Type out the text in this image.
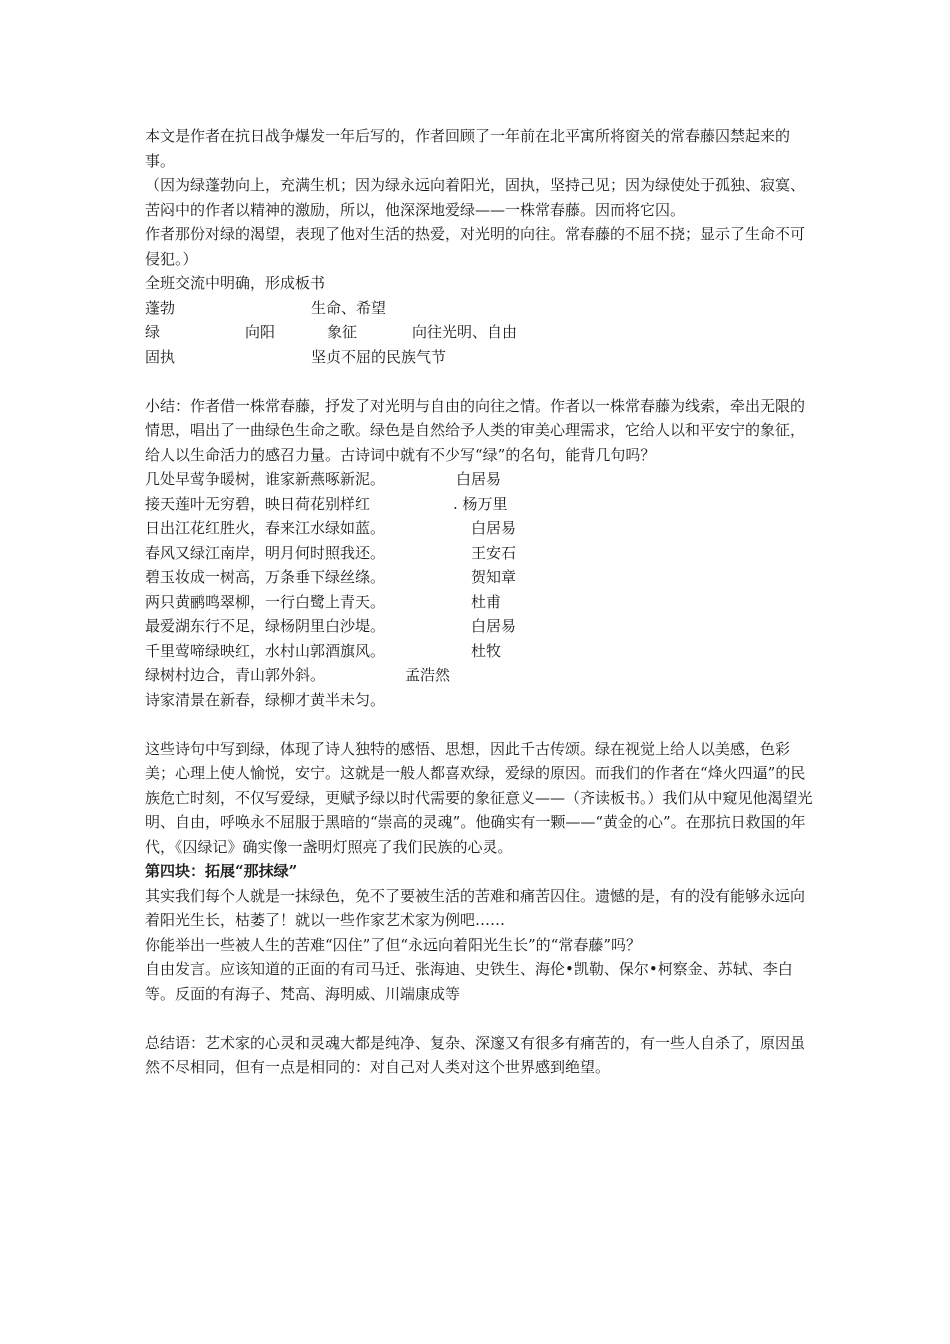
本文是作者在抗日战争爆发一年后写的，作者回顾了一年前在北平寓所将窗关的常春藤囚禁起来的事。

（因为绿蓬勃向上，充满生机；因为绿永远向着阳光，固执，坚持己见；因为绿使处于孤独、寂寞、苦闷中的作者以精神的激励，所以，他深深地爱绿——一株常春藤。因而将它囚。

作者那份对绿的渴望，表现了他对生活的热爱，对光明的向往。常春藤的不屈不挠；显示了生命不可侵犯。）

全班交流中明确，形成板书

蓬勃	生命、希望
绿	向阳	象征	向往光明、自由
固执	坚贞不屈的民族气节

小结：作者借一株常春藤，抒发了对光明与自由的向往之情。作者以一株常春藤为线索，牵出无限的情思，唱出了一曲绿色生命之歌。绿色是自然给予人类的审美心理需求，它给人以和平安宁的象征，给人以生命活力的感召力量。古诗词中就有不少写“绿”的名句，能背几句吗？

几处早莺争暖树，谁家新燕啄新泥。	白居易
接天莲叶无穷碧，映日荷花别样红	. 杨万里
日出江花红胜火，春来江水绿如蓝。	白居易
春风又绿江南岸，明月何时照我还。	王安石
碧玉妆成一树高，万条垂下绿丝绦。	贺知章
两只黄鹂鸣翠柳，一行白鹭上青天。	杜甫
最爱湖东行不足，绿杨阴里白沙堤。	白居易
千里莺啼绿映红，水村山郭酒旗风。	杜牧
绿树村边合，青山郭外斜。	孟浩然
诗家清景在新春，绿柳才黄半未匀。

这些诗句中写到绿，体现了诗人独特的感悟、思想，因此千古传颂。绿在视觉上给人以美感，色彩美；心理上使人愉悦，安宁。这就是一般人都喜欢绿，爱绿的原因。而我们的作者在“烽火四逼”的民族危亡时刻，不仅写爱绿，更赋予绿以时代需要的象征意义——（齐读板书。）我们从中窥见他渴望光明、自由，呼唤永不屈服于黑暗的“崇高的灵魂”。他确实有一颗——“黄金的心”。在那抗日救国的年代，《囚绿记》确实像一盏明灯照亮了我们民族的心灵。

第四块：拓展“那抹绿”

其实我们每个人就是一抹绿色，免不了要被生活的苦难和痛苦囚住。遗憾的是，有的没有能够永远向着阳光生长，枯萎了！就以一些作家艺术家为例吧……

你能举出一些被人生的苦难“囚住”了但“永远向着阳光生长”的“常春藤”吗？

自由发言。应该知道的正面的有司马迁、张海迪、史铁生、海伦•凯勒、保尔•柯察金、苏轼、李白等。反面的有海子、梵高、海明威、川端康成等

总结语：艺术家的心灵和灵魂大都是纯净、复杂、深邃又有很多有痛苦的，有一些人自杀了，原因虽然不尽相同，但有一点是相同的：对自己对人类对这个世界感到绝望。
